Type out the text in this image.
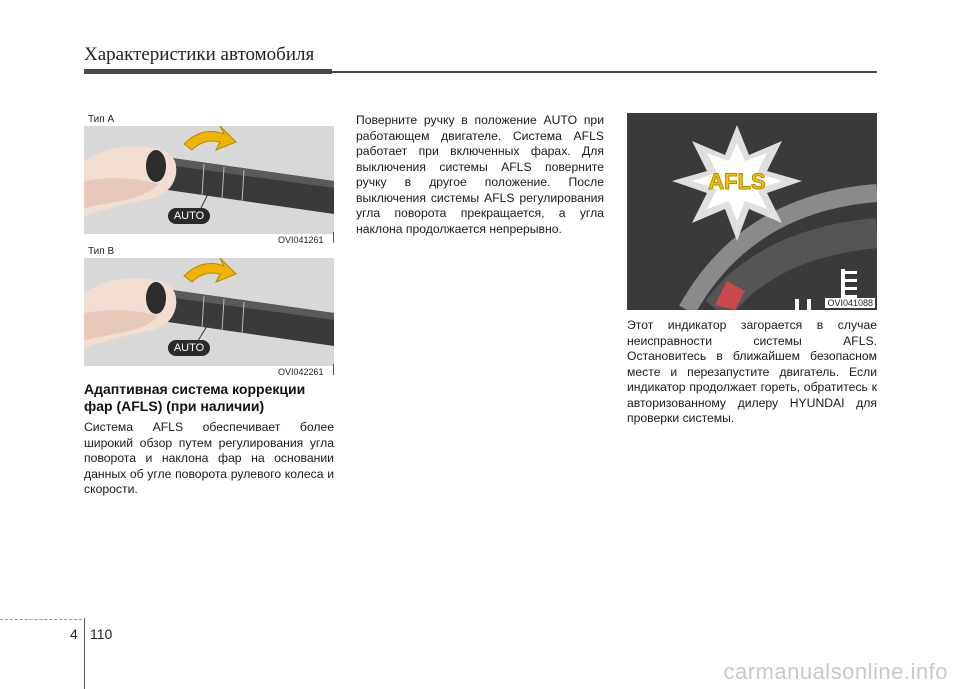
Характеристики автомобиля
Тип A
AUTO
OVI041261
Тип B
AUTO
OVI042261
Адаптивная система коррекции фар (AFLS) (при наличии)
Система AFLS обеспечивает более широкий обзор путем регулирования угла поворота и наклона фар на основании данных об угле поворота рулевого колеса и скорости.
Поверните ручку в положение AUTO при работающем двигателе. Система AFLS работает при включенных фарах. Для выключения системы AFLS поверните ручку в другое положение. После выключения системы AFLS регулирования угла поворота прекращается, а угла наклона продолжается непрерывно.
AFLS
OVI041088
Этот индикатор загорается в случае неисправности системы AFLS. Остановитесь в ближайшем безопасном месте и перезапустите двигатель. Если индикатор продолжает гореть, обратитесь к авторизованному дилеру HYUNDAI для проверки системы.
4 110
carmanualsonline.info
